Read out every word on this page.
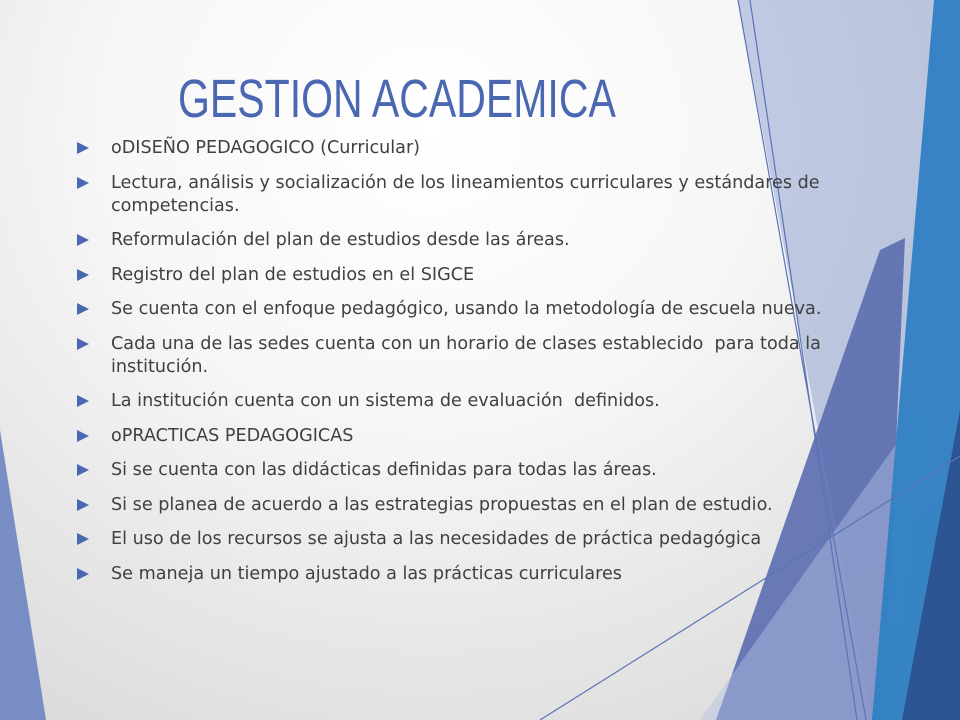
GESTION ACADEMICA
oDISEÑO PEDAGOGICO (Curricular)
Lectura, análisis y socialización de los lineamientos curriculares y estándares de
competencias.
Reformulación del plan de estudios desde las áreas.
Registro del plan de estudios en el SIGCE
Se cuenta con el enfoque pedagógico, usando la metodología de escuela nueva.
Cada una de las sedes cuenta con un horario de clases establecido  para toda la
institución.
La institución cuenta con un sistema de evaluación  definidos.
oPRACTICAS PEDAGOGICAS
Si se cuenta con las didácticas definidas para todas las áreas.
Si se planea de acuerdo a las estrategias propuestas en el plan de estudio.
El uso de los recursos se ajusta a las necesidades de práctica pedagógica
Se maneja un tiempo ajustado a las prácticas curriculares
